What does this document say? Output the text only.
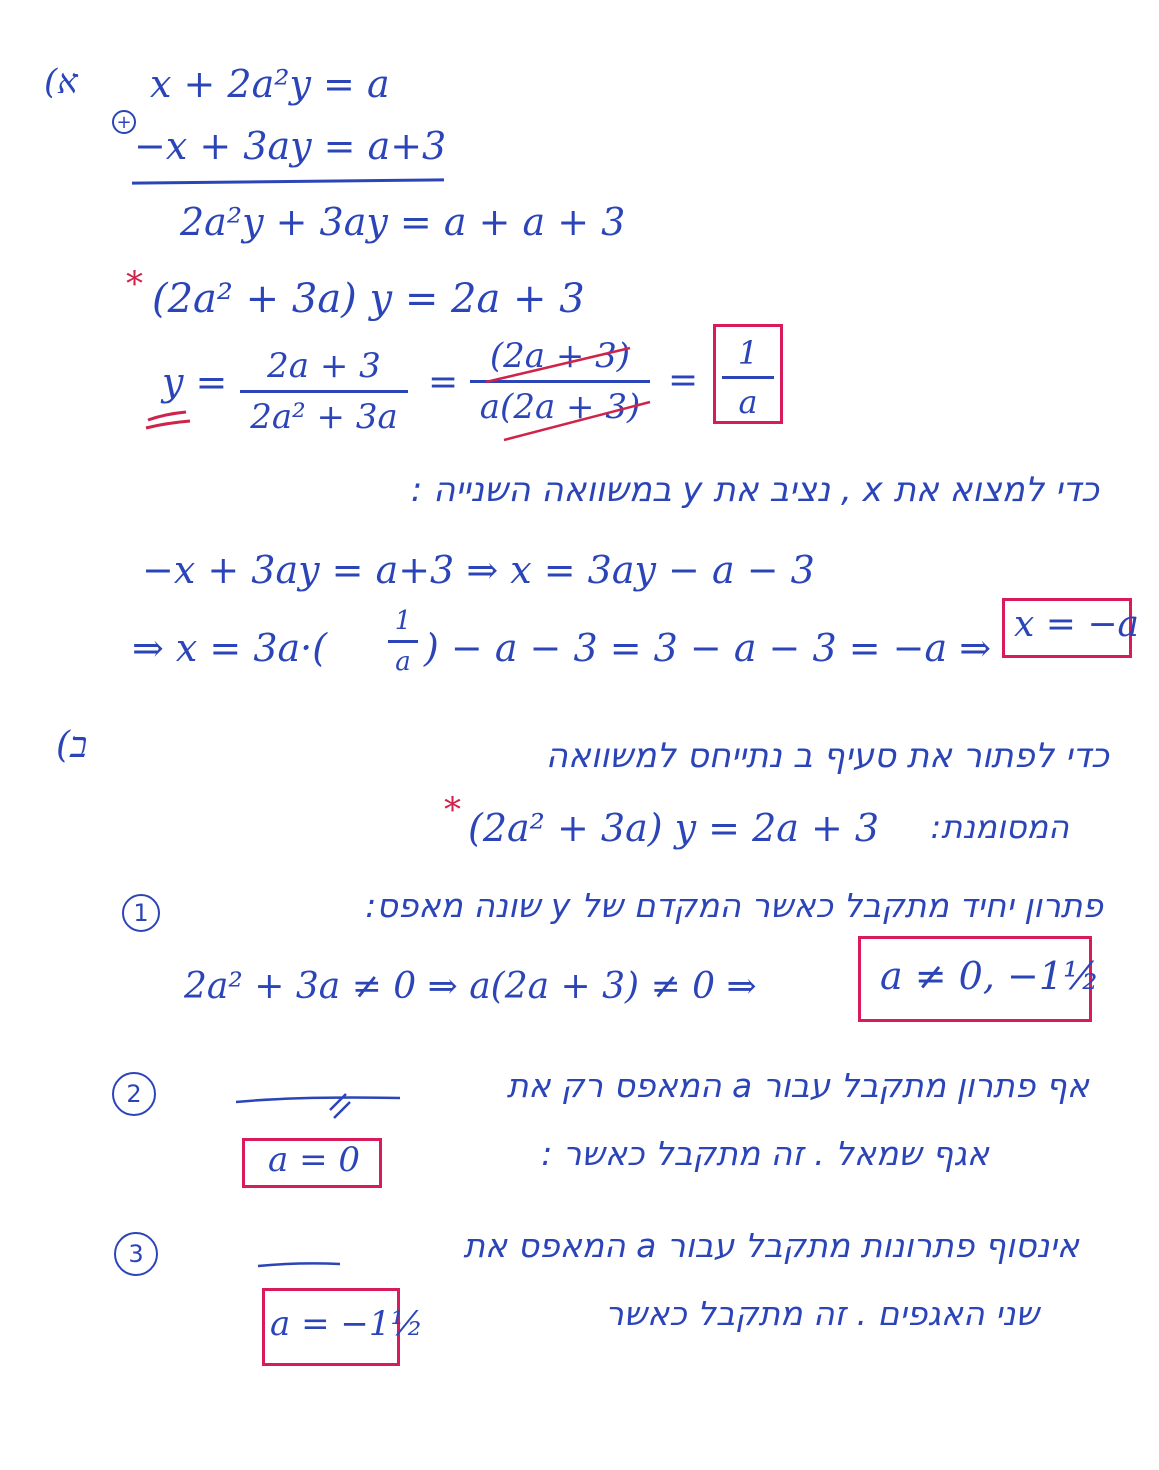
א)
+
x + 2a²y = a
−x + 3ay = a+3
2a²y + 3ay = a + a + 3
* (2a² + 3a) y = 2a + 3
y = 2a + 3
2a² + 3a
=
(2a + 3)
a(2a + 3)
=
1
a
כדי למצוא את x , נציב את y במשוואה השנייה :
−x + 3ay = a+3 ⇒ x = 3ay − a − 3
⇒ x = 3a·(
1
a ) − a − 3 = 3 − a − 3 = −a ⇒
x = −a
ב)	כדי לפתור את סעיף ב נתייחס למשוואה
המסומנת:
* (2a² + 3a) y = 2a + 3
1	פתרון יחיד מתקבל כאשר המקדם של y שונה מאפס:
2a² + 3a ≠ 0 ⇒ a(2a + 3) ≠ 0 ⇒	a ≠ 0, −1½
2	אף פתרון מתקבל עבור a המאפס רק את
אגף שמאל . זה מתקבל כאשר :
a = 0
3	אינסוף פתרונות מתקבל עבור a המאפס את
שני האגפים . זה מתקבל כאשר
a = −1½
